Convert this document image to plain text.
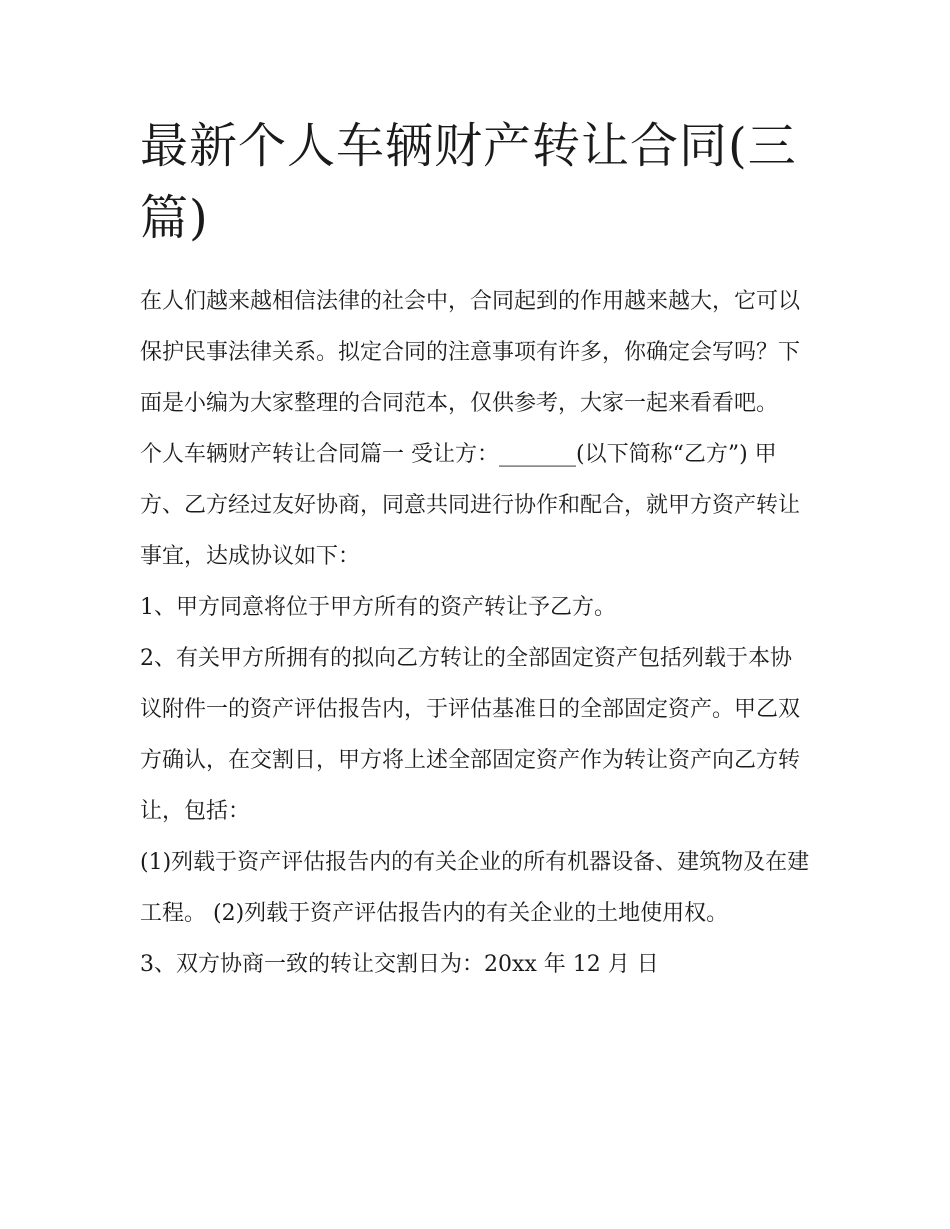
最新个人车辆财产转让合同(三篇)

在人们越来越相信法律的社会中，合同起到的作用越来越大，它可以保护民事法律关系。拟定合同的注意事项有许多，你确定会写吗？下面是小编为大家整理的合同范本，仅供参考，大家一起来看看吧。

个人车辆财产转让合同篇一 受让方：_______(以下简称“乙方”) 甲方、乙方经过友好协商，同意共同进行协作和配合，就甲方资产转让事宜，达成协议如下：

1、甲方同意将位于甲方所有的资产转让予乙方。

2、有关甲方所拥有的拟向乙方转让的全部固定资产包括列载于本协议附件一的资产评估报告内，于评估基准日的全部固定资产。甲乙双方确认，在交割日，甲方将上述全部固定资产作为转让资产向乙方转让，包括：

(1)列载于资产评估报告内的有关企业的所有机器设备、建筑物及在建工程。 (2)列载于资产评估报告内的有关企业的土地使用权。

3、双方协商一致的转让交割日为：20xx 年 12 月 日
